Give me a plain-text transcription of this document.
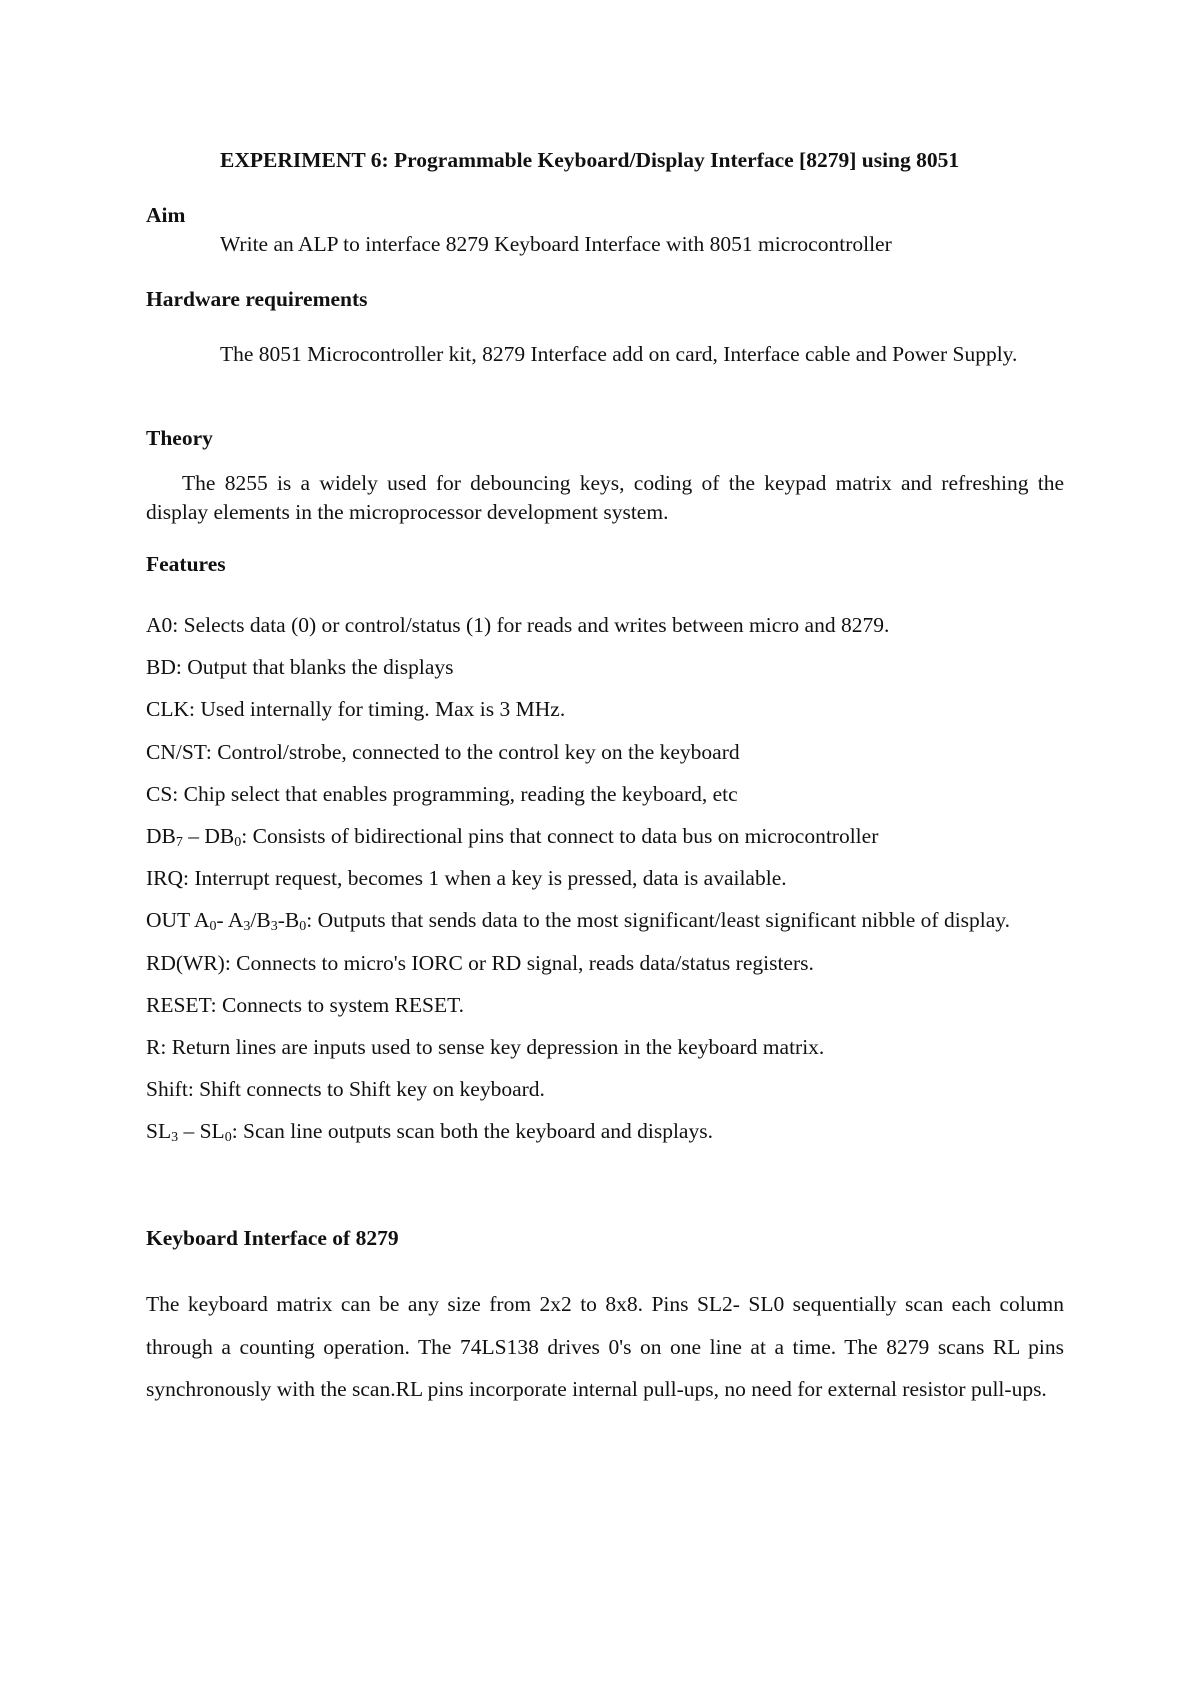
EXPERIMENT 6: Programmable Keyboard/Display Interface [8279] using 8051
Aim
Write an ALP to interface 8279 Keyboard Interface with 8051 microcontroller
Hardware requirements
The 8051 Microcontroller kit, 8279 Interface add on card, Interface cable and Power Supply.
Theory
The 8255 is a widely used for debouncing keys, coding of the keypad matrix and refreshing the display elements in the microprocessor development system.
Features
A0: Selects data (0) or control/status (1) for reads and writes between micro and 8279.
BD: Output that blanks the displays
CLK: Used internally for timing. Max is 3 MHz.
CN/ST: Control/strobe, connected to the control key on the keyboard
CS: Chip select that enables programming, reading the keyboard, etc
$DB_7 - DB_0$: Consists of bidirectional pins that connect to data bus on microcontroller
IRQ: Interrupt request, becomes 1 when a key is pressed, data is available.
OUT $A_0-$ $A_3/B_3-B_0$: Outputs that sends data to the most significant/least significant nibble of display.
RD(WR): Connects to micro's IORC or RD signal, reads data/status registers.
RESET: Connects to system RESET.
R: Return lines are inputs used to sense key depression in the keyboard matrix.
Shift: Shift connects to Shift key on keyboard.
$SL_3 - SL_0$: Scan line outputs scan both the keyboard and displays.
Keyboard Interface of 8279
The keyboard matrix can be any size from 2x2 to 8x8. Pins SL2- SL0 sequentially scan each column through a counting operation. The 74LS138 drives 0's on one line at a time. The 8279 scans RL pins synchronously with the scan.RL pins incorporate internal pull-ups, no need for external resistor pull-ups.
